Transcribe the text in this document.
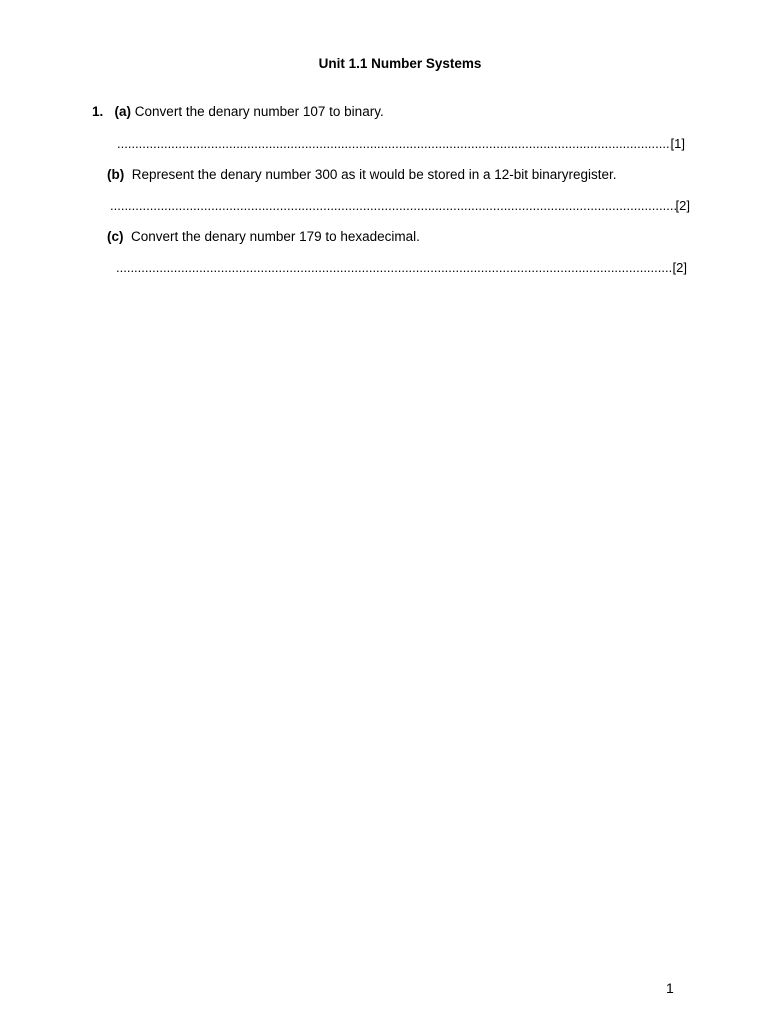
Unit 1.1 Number Systems
1. (a) Convert the denary number 107 to binary.
.....
[1]
(b) Represent the denary number 300 as it would be stored in a 12-bit binaryregister.
.....
[2]
(c) Convert the denary number 179 to hexadecimal.
.....
[2]
1
